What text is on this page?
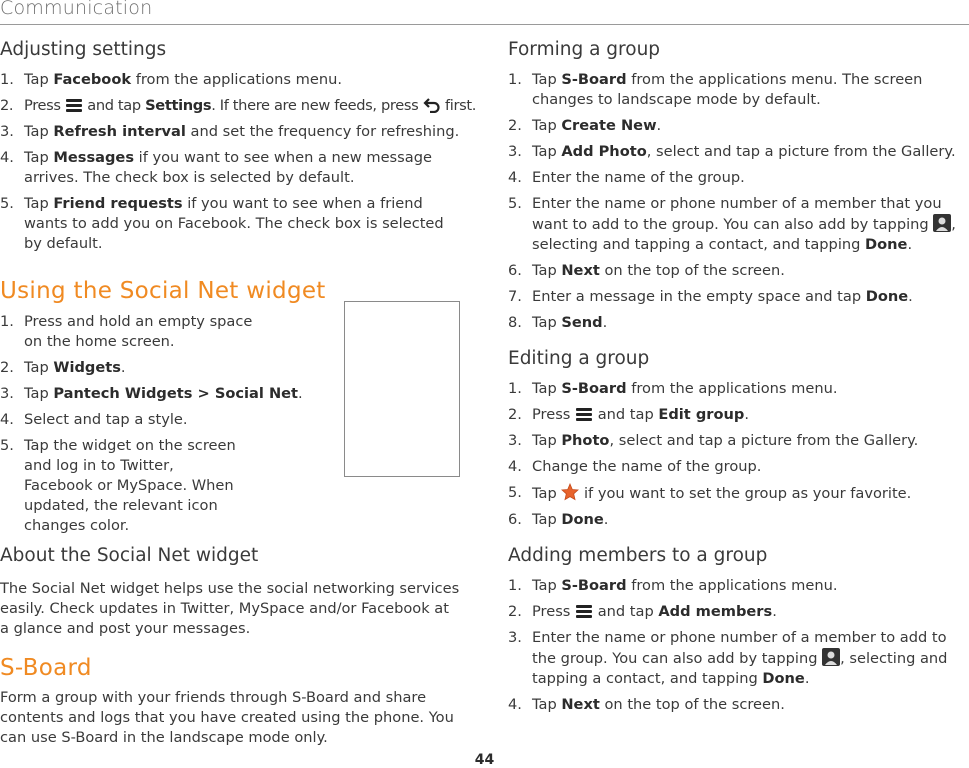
Communication
Adjusting settings
1. Tap Facebook from the applications menu.
2. Press
and tap Settings. If there are new feeds, press  first.
3. Tap Refresh interval and set the frequency for refreshing.
4. Tap Messages if you want to see when a new message arrives. The check box is selected by default.
5. Tap Friend requests if you want to see when a friend wants to add you on Facebook. The check box is selected by default.
Using the Social Net widget
1. Press and hold an empty space on the home screen.
2. Tap Widgets.
3. Tap Pantech Widgets > Social Net.
4. Select and tap a style.
5. Tap the widget on the screen and log in to Twitter, Facebook or MySpace. When updated, the relevant icon changes color.
About the Social Net widget

The Social Net widget helps use the social networking services easily. Check updates in Twitter, MySpace and/or Facebook at a glance and post your messages.

S-Board

Form a group with your friends through S-Board and share contents and logs that you have created using the phone. You can use S-Board in the landscape mode only.

Forming a group
1. Tap S-Board from the applications menu. The screen changes to landscape mode by default.
2. Tap Create New.
3. Tap Add Photo, select and tap a picture from the Gallery.
4. Enter the name of the group.
5. Enter the name or phone number of a member that you want to add to the group. You can also add by tapping , selecting and tapping a contact, and tapping Done.
6. Tap Next on the top of the screen.
7. Enter a message in the empty space and tap Done.
8. Tap Send.
Editing a group
1. Tap S-Board from the applications menu.
2. Press
and tap Edit group.
3. Tap Photo, select and tap a picture from the Gallery.
4. Change the name of the group.
5. Tap  if you want to set the group as your favorite.
6. Tap Done.
Adding members to a group
1. Tap S-Board from the applications menu.
2. Press
and tap Add members.
3. Enter the name or phone number of a member to add to the group. You can also add by tapping , selecting and tapping a contact, and tapping Done.
4. Tap Next on the top of the screen.
44
